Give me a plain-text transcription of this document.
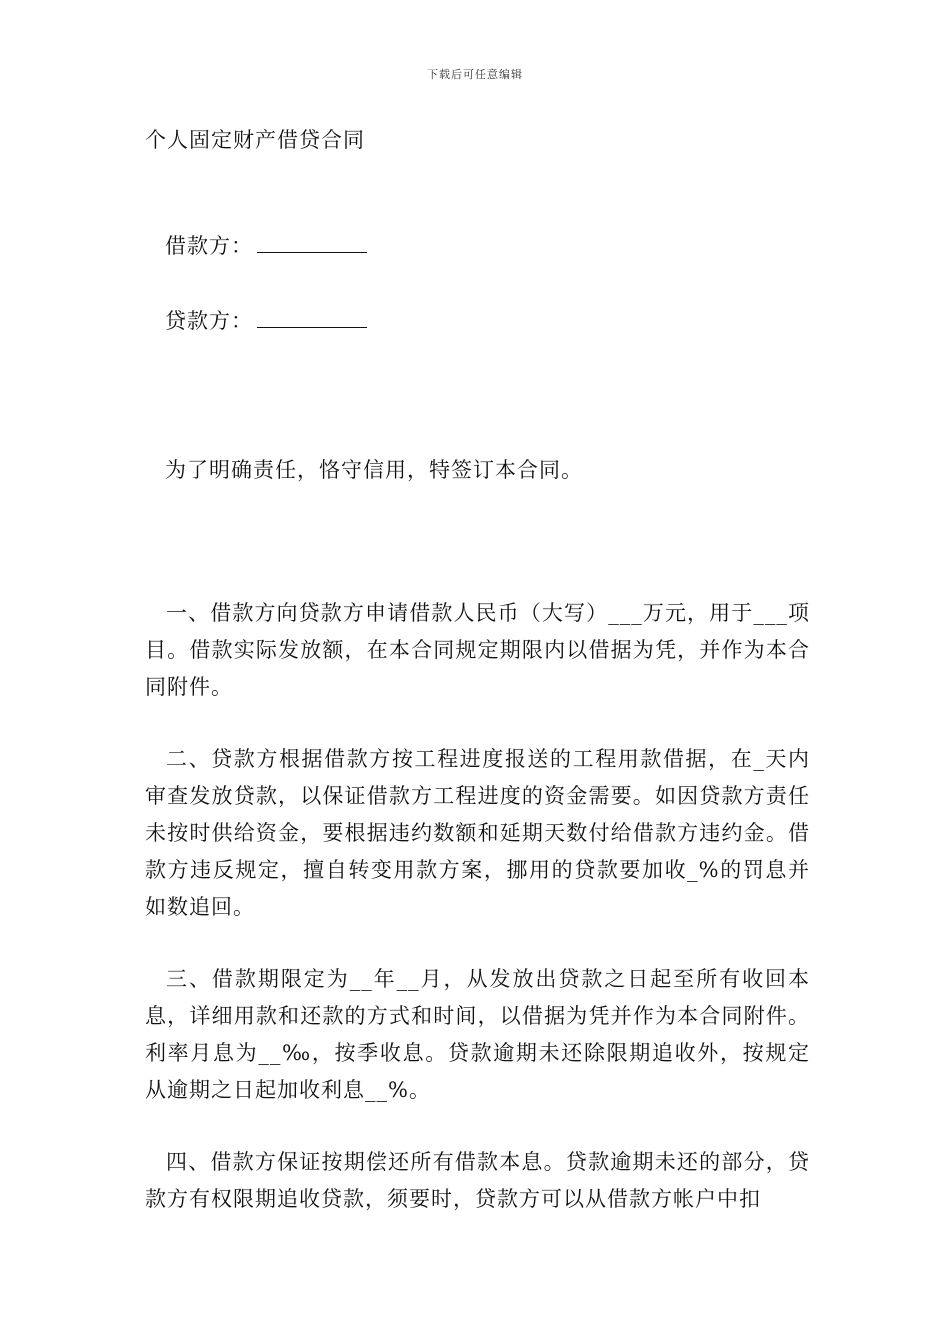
下载后可任意编辑
个人固定财产借贷合同
借款方：
贷款方：
为了明确责任，恪守信用，特签订本合同。

一、借款方向贷款方申请借款人民币（大写）___万元，用于___项目。借款实际发放额，在本合同规定期限内以借据为凭，并作为本合同附件。

二、贷款方根据借款方按工程进度报送的工程用款借据，在_天内审查发放贷款，以保证借款方工程进度的资金需要。如因贷款方责任未按时供给资金，要根据违约数额和延期天数付给借款方违约金。借款方违反规定，擅自转变用款方案，挪用的贷款要加收_%的罚息并如数追回。

三、借款期限定为__年__月，从发放出贷款之日起至所有收回本息，详细用款和还款的方式和时间，以借据为凭并作为本合同附件。利率月息为__‰，按季收息。贷款逾期未还除限期追收外，按规定从逾期之日起加收利息__%。

四、借款方保证按期偿还所有借款本息。贷款逾期未还的部分，贷款方有权限期追收贷款，须要时，贷款方可以从借款方帐户中扣
